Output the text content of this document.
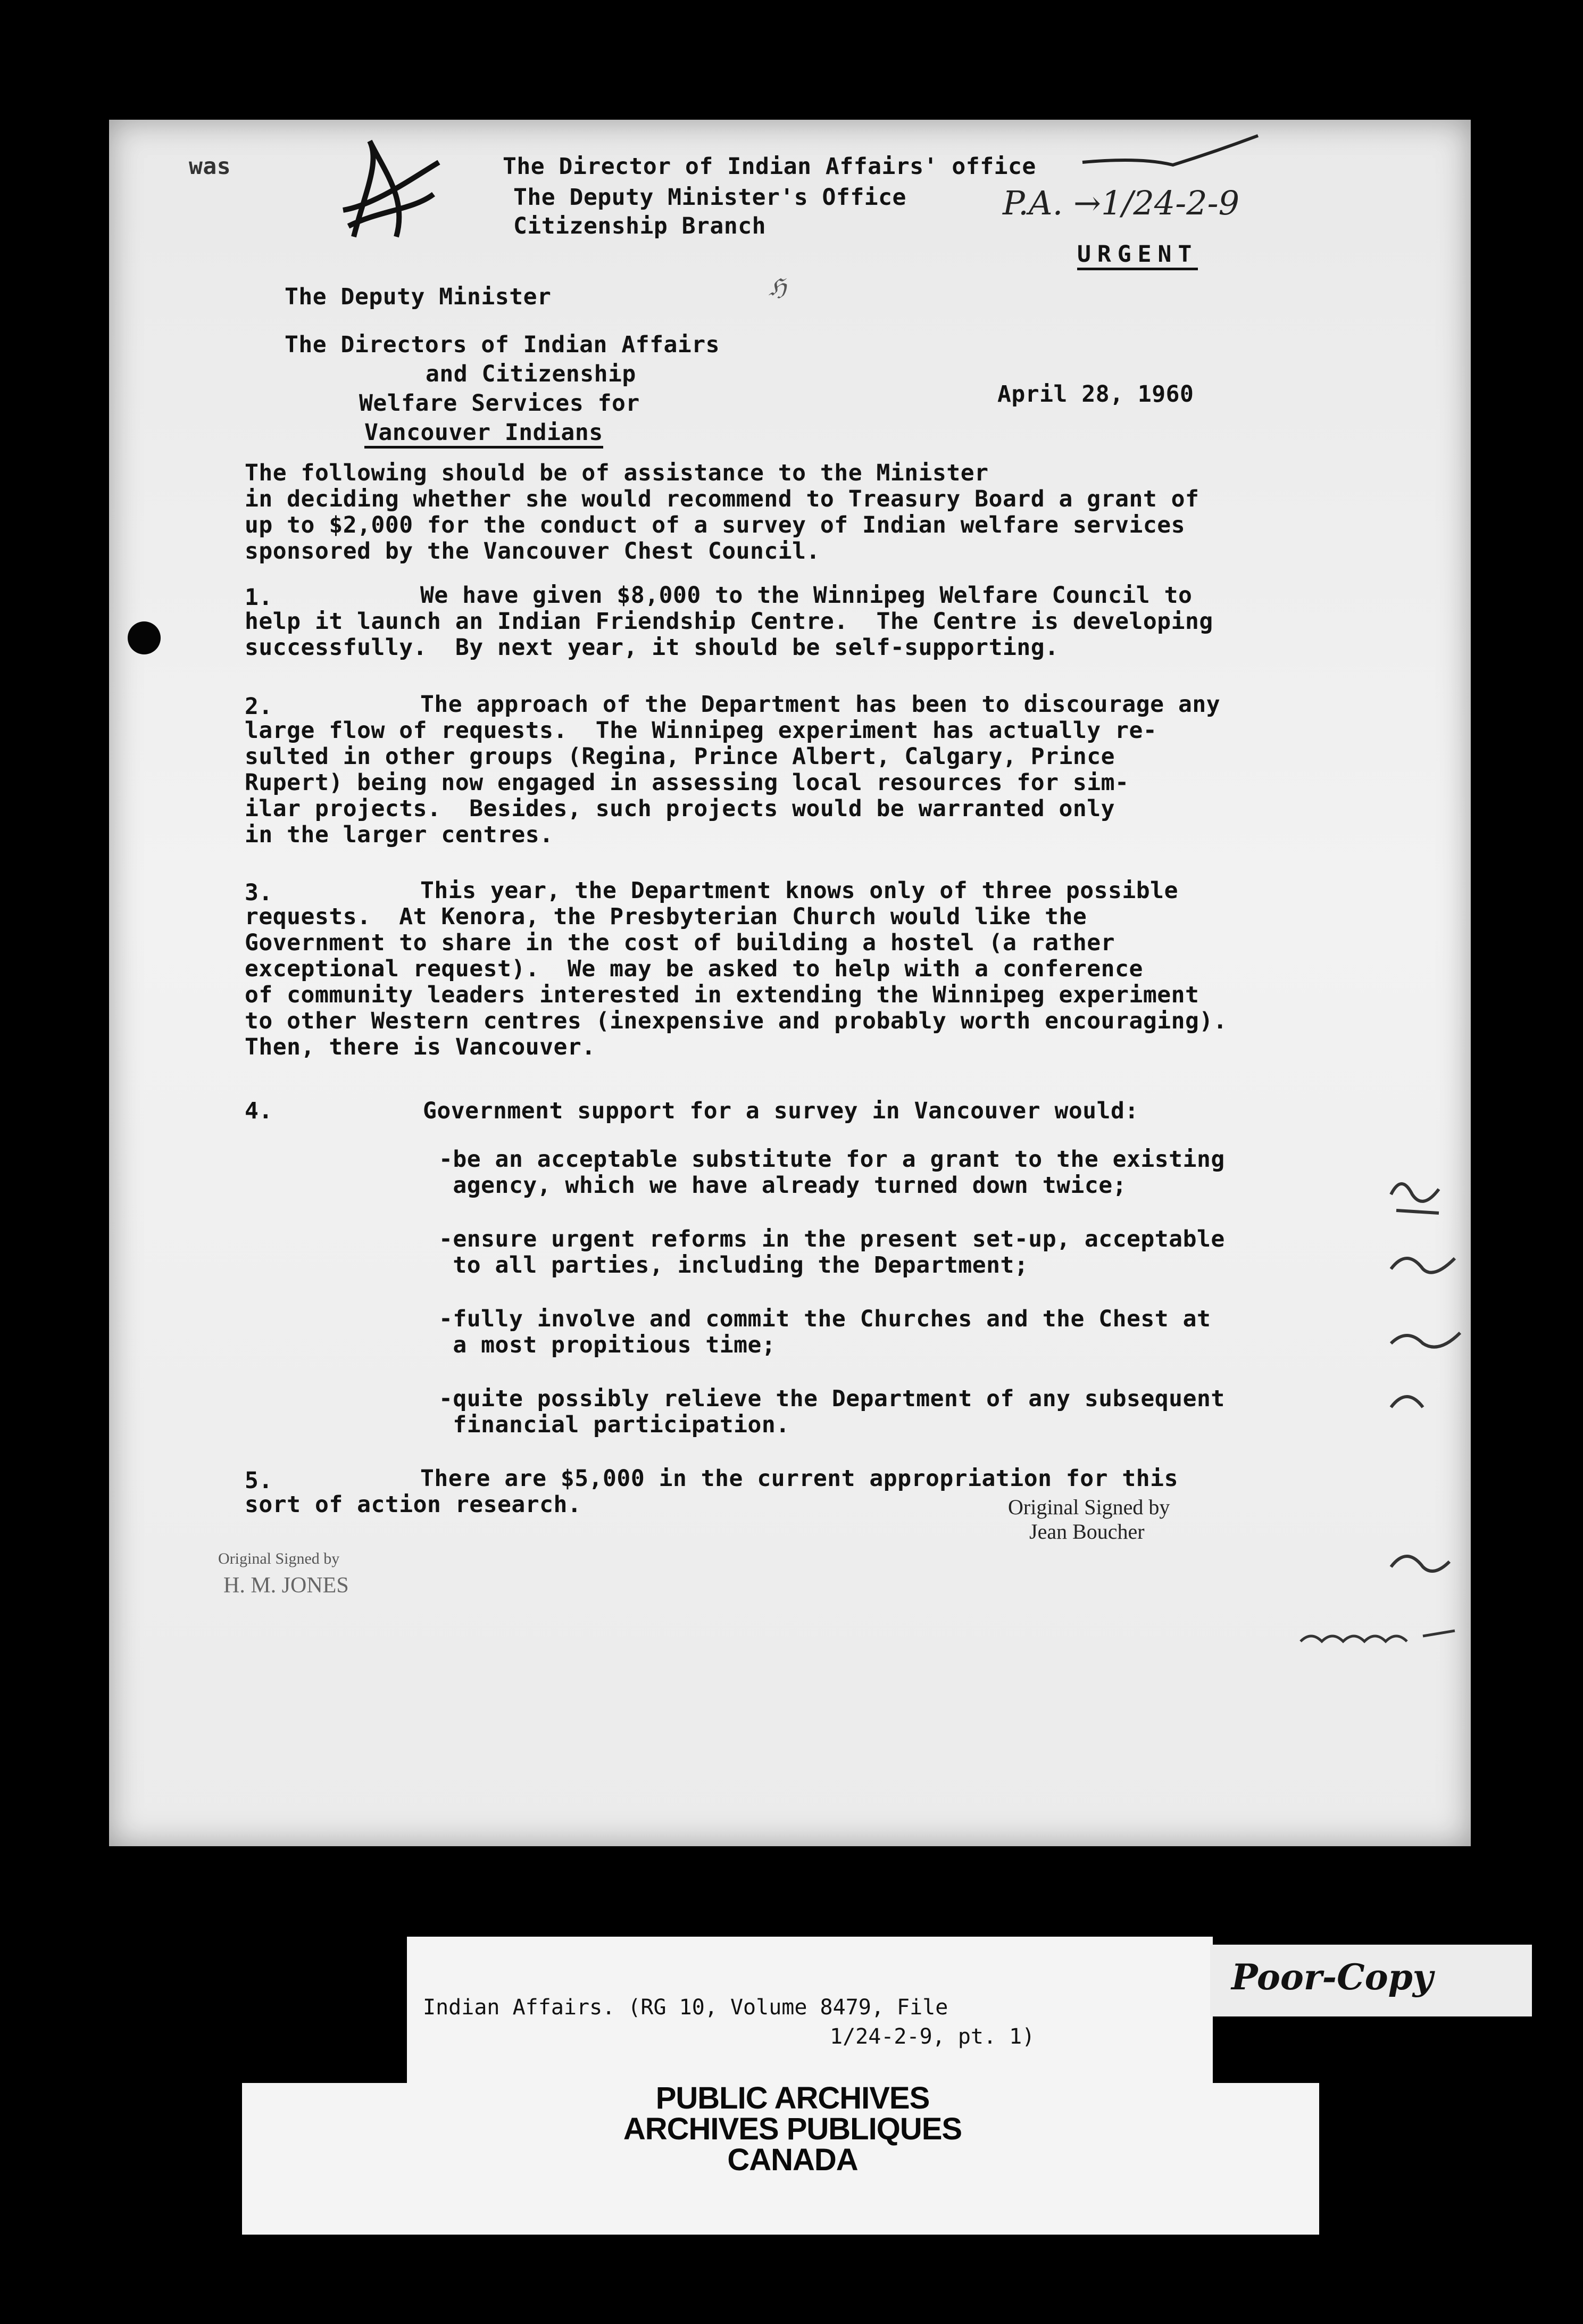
was	The Director of Indian Affairs' office
The Deputy Minister's Office
Citizenship Branch
P.A. →1/24-2-9
URGENT
The Deputy Minister	ℌ
The Directors of Indian Affairs
and Citizenship
Welfare Services for
Vancouver Indians
April 28, 1960
The following should be of assistance to the Minister
in deciding whether she would recommend to Treasury Board a grant of
up to $2,000 for the conduct of a survey of Indian welfare services
sponsored by the Vancouver Chest Council.
1.	We have given $8,000 to the Winnipeg Welfare Council to
help it launch an Indian Friendship Centre.  The Centre is developing
successfully.  By next year, it should be self-supporting.
2.	The approach of the Department has been to discourage any
large flow of requests.  The Winnipeg experiment has actually re-
sulted in other groups (Regina, Prince Albert, Calgary, Prince
Rupert) being now engaged in assessing local resources for sim-
ilar projects.  Besides, such projects would be warranted only
in the larger centres.
3.	This year, the Department knows only of three possible
requests.  At Kenora, the Presbyterian Church would like the
Government to share in the cost of building a hostel (a rather
exceptional request).  We may be asked to help with a conference
of community leaders interested in extending the Winnipeg experiment
to other Western centres (inexpensive and probably worth encouraging).
Then, there is Vancouver.
4.	Government support for a survey in Vancouver would:
-be an acceptable substitute for a grant to the existing
agency, which we have already turned down twice;
-ensure urgent reforms in the present set-up, acceptable
to all parties, including the Department;
-fully involve and commit the Churches and the Chest at
a most propitious time;
-quite possibly relieve the Department of any subsequent
financial participation.
5.	There are $5,000 in the current appropriation for this
sort of action research.	Original Signed by
Jean Boucher
Original Signed by
H. M. JONES
Indian Affairs. (RG 10, Volume 8479, File
1/24-2-9, pt. 1)
PUBLIC ARCHIVES
ARCHIVES PUBLIQUES
CANADA
Poor-Copy
